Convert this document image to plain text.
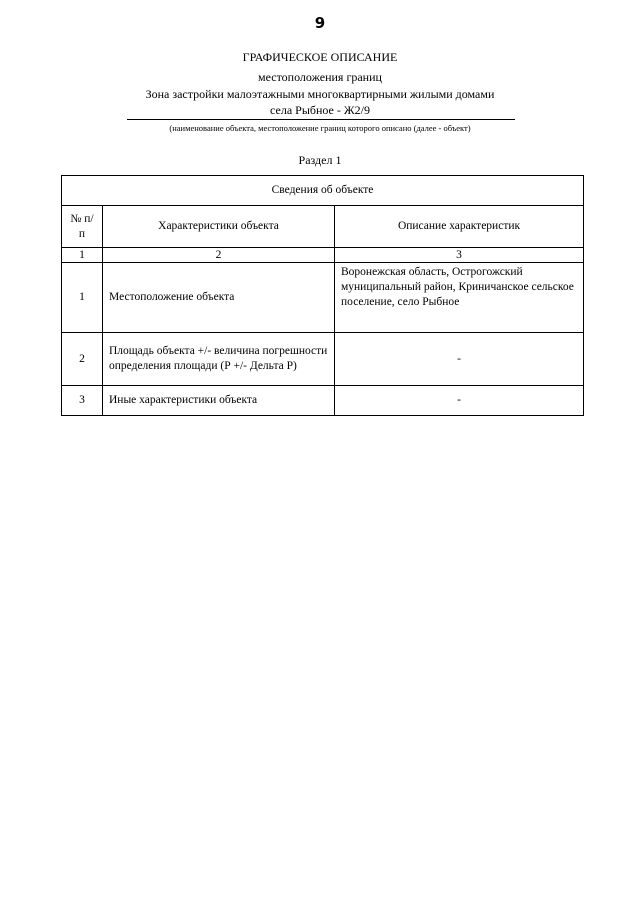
9
ГРАФИЧЕСКОЕ ОПИСАНИЕ
местоположения границ
Зона застройки малоэтажными многоквартирными жилыми домами
села Рыбное - Ж2/9
(наименование объекта, местоположение границ которого описано (далее - объект)
Раздел 1
Сведения об объекте		
№ п/п	Характеристики объекта	Описание характеристик
1	2	3
1	Местоположение объекта	Воронежская область, Острогожский муниципальный район, Криничанское сельское поселение, село Рыбное
2	Площадь объекта +/- величина погрешности определения площади (Р +/- Дельта Р)	-
3	Иные характеристики объекта	-
